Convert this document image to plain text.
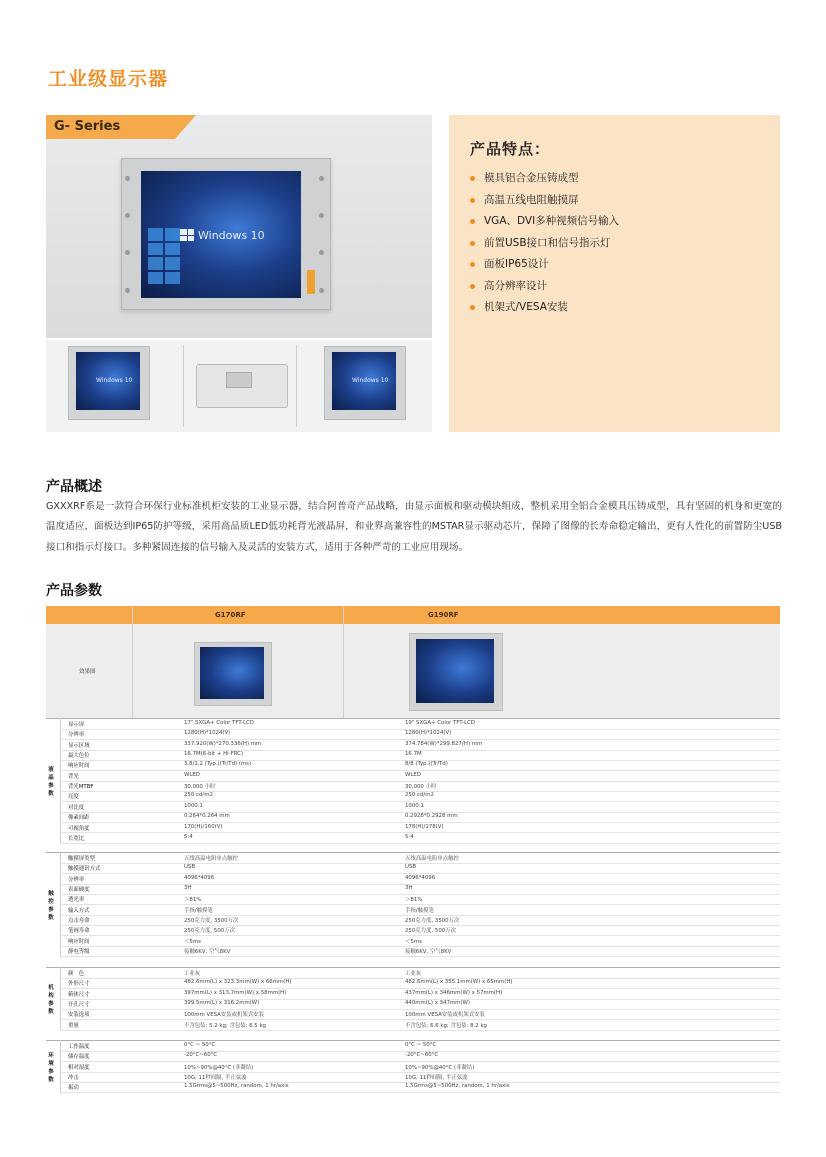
工业级显示器
G- Series
Windows 10
Windows 10	Windows 10
产品特点：
模具铝合金压铸成型
高温五线电阻触摸屏
VGA、DVI多种视频信号输入
前置USB接口和信号指示灯
面板IP65设计
高分辨率设计
机架式/VESA安装
产品概述
GXXXRF系是一款符合环保行业标准机柜安装的工业显示器，结合阿普奇产品战略，由显示面板和驱动模块组成，整机采用全铝合金模具压铸成型，具有坚固的机身和更宽的温度适应，面板达到IP65防护等级，采用高品质LED低功耗背光液晶屏，和业界高兼容性的MSTAR显示驱动芯片，保障了图像的长寿命稳定输出，更有人性化的前置防尘USB接口和指示灯接口。多种紧固连接的信号输入及灵活的安装方式，适用于各种严苛的工业应用现场。
产品参数
G170RF	G190RF
效果图
液
晶
参
数
显示屏	17" SXGA+ Color TFT-LCD	19" SXGA+ Color TFT-LCD
分辨率	1280(H)*1024(V)	1280(H)*1024(V)
显示区域	337.920(W)*270.336(H) mm	374.784(W)*299.827(H) mm
最大色位	16.7M(6-bit + Hi-FRC)	16.7M
响应时间	3.8/1.2 (Typ.)(Tr/Td) (ms)	8/8 (Typ.)(Tr/Td)
背光	WLED	WLED
背光MTBF	30,000 小时	30,000 小时
亮度	250 cd/m2	250 cd/m2
对比度	1000:1	1000:1
像素间距	0.264*0.264 mm	0.2928*0.2928 mm
可视角度	170(H)/160(V)	178(H)/178(V)
长宽比	5:4	5:4
触
控
参
数
触摸屏类型	五线高温电阻单点触控	五线高温电阻单点触控
触摸通讯方式	USB	USB
分辨率	4096*4096	4096*4096
表面硬度	3H	3H
透光率	＞81%	＞81%
输入方式	手指/触摸笔	手指/触摸笔
点击寿命	250克力度, 3500万次	250克力度, 3500万次
笔画寿命	250克力度, 500万次	250克力度, 500万次
响应时间	＜5ms	＜5ms
静电等级	接触6KV, 空气8KV	接触6KV, 空气8KV
机
构
参
数
颜　色	工业灰	工业灰
外形尺寸	482.6mm(L) x 323.3mm(W) x 66mm(H)	482.6mm(L) x 355.1mm(W) x 65mm(H)
箱体尺寸	397mm(L) x 313.7mm(W) x 58mm(H)	437mm(L) x 346mm(W) x 57mm(H)
开孔尺寸	399.5mm(L) x 316.2mm(W)	440mm(L) x 347mm(W)
安装选项	100mm VESA安装或机架式安装	100mm VESA安装或机架式安装
重量	不含包装: 5.2 kg; 含包装: 6.5 kg	不含包装: 6.6 kg; 含包装: 8.2 kg
环
境
参
数
工作温度	0°C ~ 50°C	0°C ~ 50°C
储存温度	-20°C~60°C	-20°C~60°C
相对湿度	10%~90%@40°C (非凝结)	10%~90%@40°C (非凝结)
冲击	10G, 11秒间隔, 半正弦波	10G, 11秒间隔, 半正弦波
振动	1.5Grms@5~500Hz, random, 1 hr/axis	1.5Grms@5~500Hz, random, 1 hr/axis
